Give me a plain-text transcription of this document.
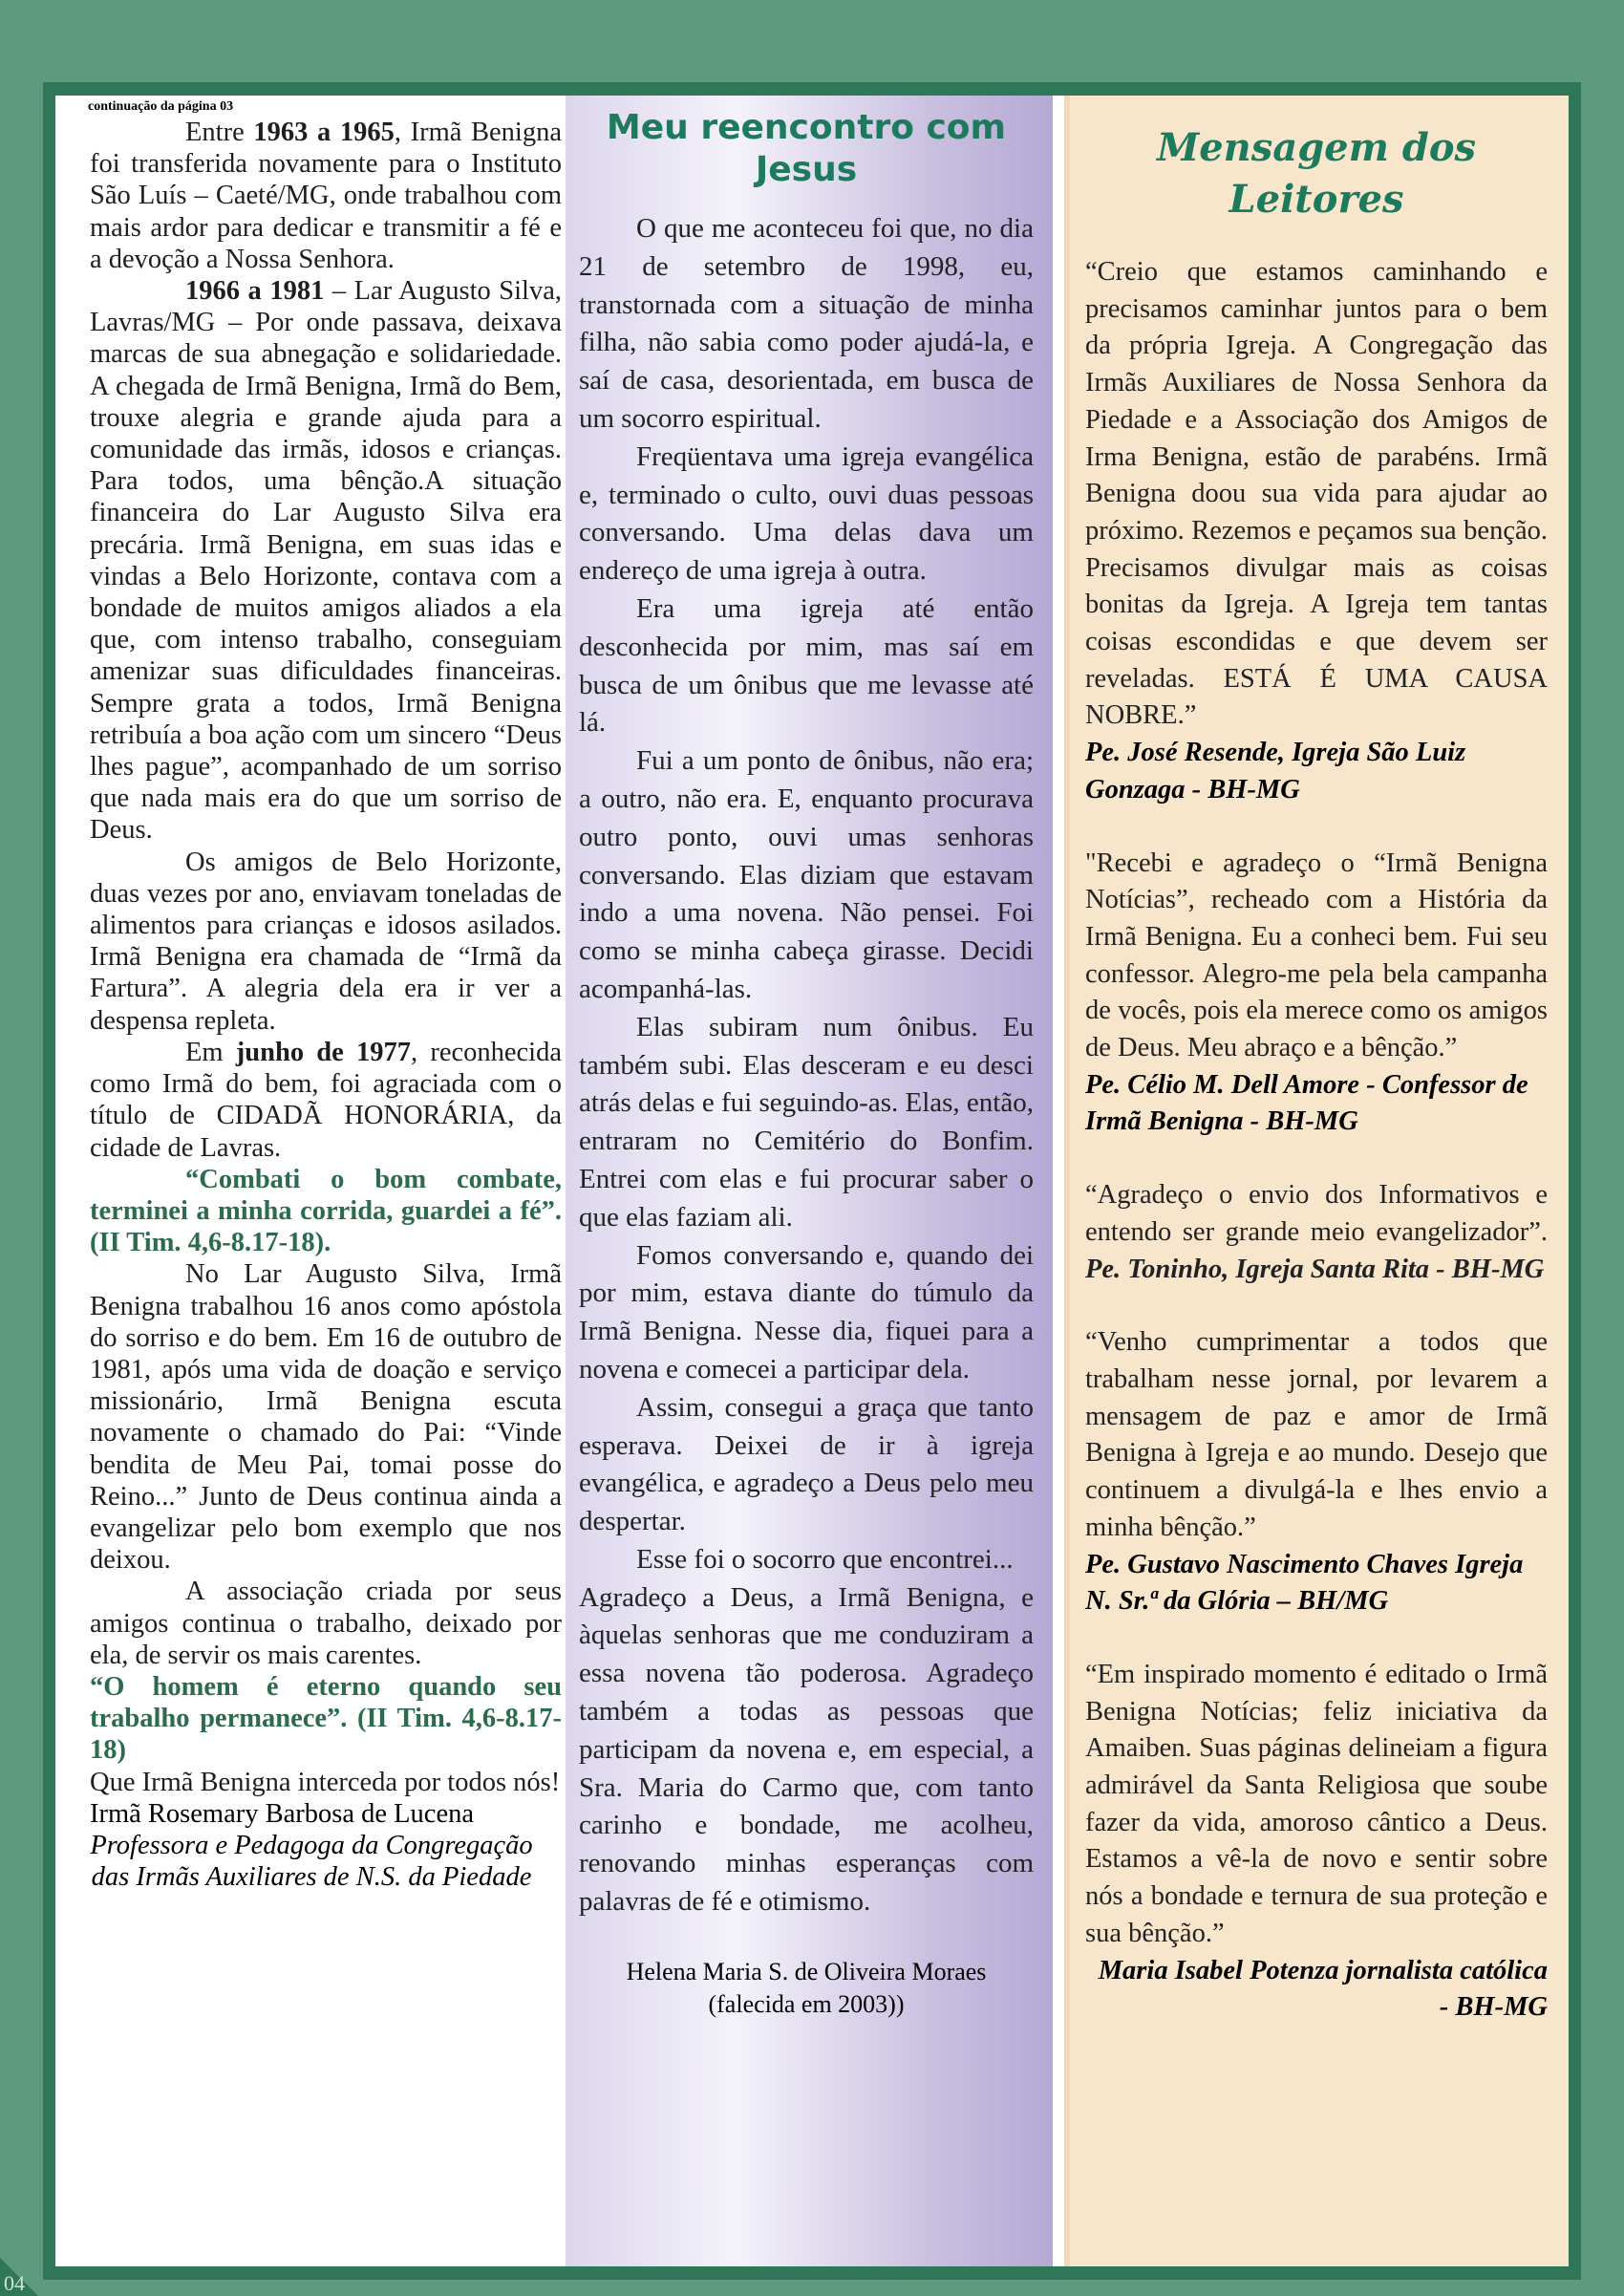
continuação da página 03

Entre 1963 a 1965, Irmã Benigna foi transferida novamente para o Instituto São Luís – Caeté/MG, onde trabalhou com mais ardor para dedicar e transmitir a fé e a devoção a Nossa Senhora.

1966 a 1981 – Lar Augusto Silva, Lavras/MG – Por onde passava, deixava marcas de sua abnegação e solidariedade. A chegada de Irmã Benigna, Irmã do Bem, trouxe alegria e grande ajuda para a comunidade das irmãs, idosos e crianças. Para todos, uma bênção.A situação financeira do Lar Augusto Silva era precária. Irmã Benigna, em suas idas e vindas a Belo Horizonte, contava com a bondade de muitos amigos aliados a ela que, com intenso trabalho, conseguiam amenizar suas dificuldades financeiras. Sempre grata a todos, Irmã Benigna retribuía a boa ação com um sincero “Deus lhes pague”, acompanhado de um sorriso que nada mais era do que um sorriso de Deus.

Os amigos de Belo Horizonte, duas vezes por ano, enviavam toneladas de alimentos para crianças e idosos asilados. Irmã Benigna era chamada de “Irmã da Fartura”. A alegria dela era ir ver a despensa repleta.

Em junho de 1977, reconhecida como Irmã do bem, foi agraciada com o título de CIDADÃ HONORÁRIA, da cidade de Lavras.

“Combati o bom combate, terminei a minha corrida, guardei a fé”. (II Tim. 4,6-8.17-18).

No Lar Augusto Silva, Irmã Benigna trabalhou 16 anos como apóstola do sorriso e do bem. Em 16 de outubro de 1981, após uma vida de doação e serviço missionário, Irmã Benigna escuta novamente o chamado do Pai: “Vinde bendita de Meu Pai, tomai posse do Reino...” Junto de Deus continua ainda a evangelizar pelo bom exemplo que nos deixou.

A associação criada por seus amigos continua o trabalho, deixado por ela, de servir os mais carentes.

“O homem é eterno quando seu trabalho permanece”. (II Tim. 4,6-8.17-18)

Que Irmã Benigna interceda por todos nós!

Irmã Rosemary Barbosa de Lucena

Professora e Pedagoga da Congregação das Irmãs Auxiliares de N.S. da Piedade

Meu reencontro com Jesus

O que me aconteceu foi que, no dia 21 de setembro de 1998, eu, transtornada com a situação de minha filha, não sabia como poder ajudá-la, e saí de casa, desorientada, em busca de um socorro espiritual.

Freqüentava uma igreja evangélica e, terminado o culto, ouvi duas pessoas conversando. Uma delas dava um endereço de uma igreja à outra.

Era uma igreja até então desconhecida por mim, mas saí em busca de um ônibus que me levasse até lá.

Fui a um ponto de ônibus, não era; a outro, não era. E, enquanto procurava outro ponto, ouvi umas senhoras conversando. Elas diziam que estavam indo a uma novena. Não pensei. Foi como se minha cabeça girasse. Decidi acompanhá-las.

Elas subiram num ônibus. Eu também subi. Elas desceram e eu desci atrás delas e fui seguindo-as. Elas, então, entraram no Cemitério do Bonfim. Entrei com elas e fui procurar saber o que elas faziam ali.

Fomos conversando e, quando dei por mim, estava diante do túmulo da Irmã Benigna. Nesse dia, fiquei para a novena e comecei a participar dela.

Assim, consegui a graça que tanto esperava. Deixei de ir à igreja evangélica, e agradeço a Deus pelo meu despertar.

Esse foi o socorro que encontrei...

Agradeço a Deus, a Irmã Benigna, e àquelas senhoras que me conduziram a essa novena tão poderosa. Agradeço também a todas as pessoas que participam da novena e, em especial, a Sra. Maria do Carmo que, com tanto carinho e bondade, me acolheu, renovando minhas esperanças com palavras de fé e otimismo.

Helena Maria S. de Oliveira Moraes
(falecida em 2003))

Mensagem dos
Leitores

“Creio que estamos caminhando e precisamos caminhar juntos para o bem da própria Igreja. A Congregação das Irmãs Auxiliares de Nossa Senhora da Piedade e a Associação dos Amigos de Irma Benigna, estão de parabéns. Irmã Benigna doou sua vida para ajudar ao próximo. Rezemos e peçamos sua benção. Precisamos divulgar mais as coisas bonitas da Igreja. A Igreja tem tantas coisas escondidas e que devem ser reveladas. ESTÁ É UMA CAUSA NOBRE.”

Pe. José Resende, Igreja São Luiz Gonzaga - BH-MG

"Recebi e agradeço o “Irmã Benigna Notícias”, recheado com a História da Irmã Benigna. Eu a conheci bem. Fui seu confessor. Alegro-me pela bela campanha de vocês, pois ela merece como os amigos de Deus. Meu abraço e a bênção.”

Pe. Célio M. Dell Amore - Confessor de Irmã Benigna - BH-MG

“Agradeço o envio dos Informativos e entendo ser grande meio evangelizador”. Pe. Toninho, Igreja Santa Rita - BH-MG

“Venho cumprimentar a todos que trabalham nesse jornal, por levarem a mensagem de paz e amor de Irmã Benigna à Igreja e ao mundo. Desejo que continuem a divulgá-la e lhes envio a minha bênção.”

Pe. Gustavo Nascimento Chaves Igreja N. Sr.ª da Glória – BH/MG

“Em inspirado momento é editado o Irmã Benigna Notícias; feliz iniciativa da Amaiben. Suas páginas delineiam a figura admirável da Santa Religiosa que soube fazer da vida, amoroso cântico a Deus. Estamos a vê-la de novo e sentir sobre nós a bondade e ternura de sua proteção e sua bênção.”

Maria Isabel Potenza jornalista católica - BH-MG

04
